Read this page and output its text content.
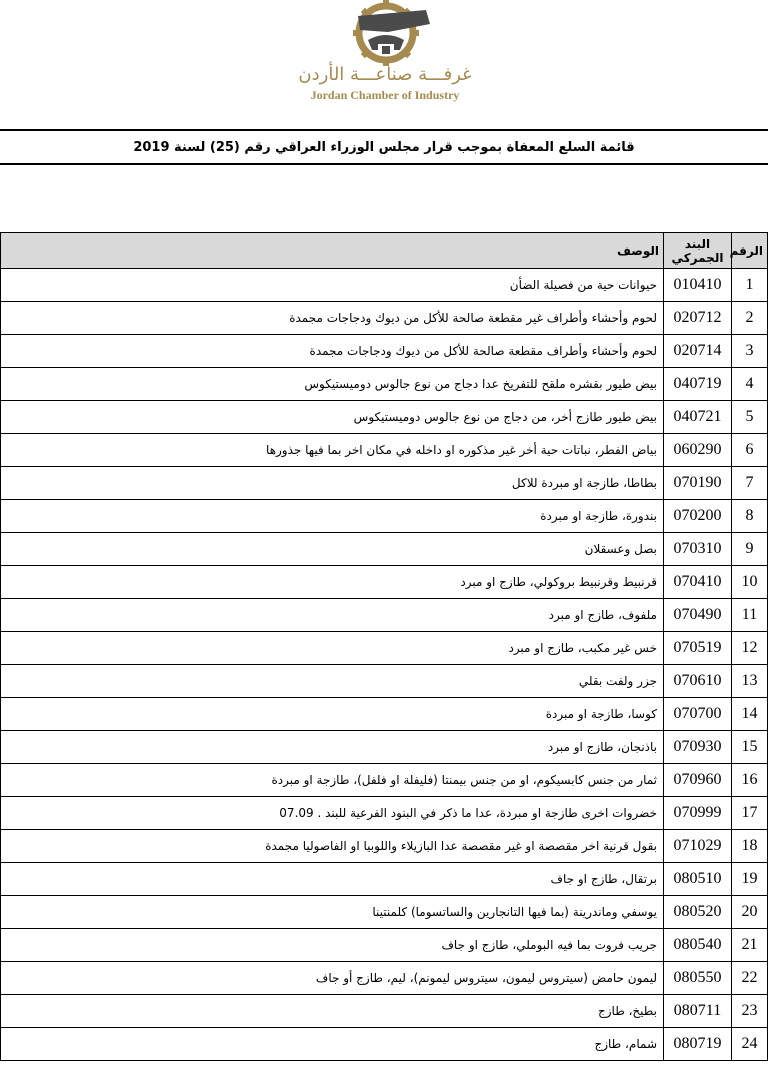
غرفـــة صناعـــة الأردن
Jordan Chamber of Industry
قائمة السلع المعفاة بموجب قرار مجلس الوزراء العراقي رقم (25) لسنة 2019
الرقم	البند الجمركي	الوصف
1	010410	حيوانات حية من فصيلة الضأن
2	020712	لحوم وأحشاء وأطراف غير مقطعة صالحة للأكل من ديوك ودجاجات مجمدة
3	020714	لحوم وأحشاء وأطراف مقطعة صالحة للأكل من ديوك ودجاجات مجمدة
4	040719	بيض طيور بقشره ملقح للتفريخ عدا دجاج من نوع جالوس دوميستيكوس
5	040721	بيض طيور طازج أخر، من دجاج من نوع جالوس دوميستيكوس
6	060290	بياض الفطر، نباتات حية أخر غير مذكوره او داخله في مكان اخر بما فيها جذورها
7	070190	بطاطا، طازجة او مبردة للاكل
8	070200	بندورة، طازجة او مبردة
9	070310	بصل وعسقلان
10	070410	قرنبيط وقرنبيط بروكولي، طازج او مبرد
11	070490	ملفوف، طازج او مبرد
12	070519	خس غير مكبب، طازج او مبرد
13	070610	جزر ولفت بقلي
14	070700	كوسا، طازجة او مبردة
15	070930	باذنجان، طازج او مبرد
16	070960	ثمار من جنس كابسيكوم، او من جنس بيمنتا (فليفلة او فلفل)، طازجة او مبردة
17	070999	خضروات اخرى طازجة او مبردة، عدا ما ذكر في البنود الفرعية للبند . 07.09
18	071029	بقول قرنية اخر مقصصة او غير مقصصة عدا البازيلاء واللوبيا او الفاصوليا مجمدة
19	080510	برتقال، طازج او جاف
20	080520	يوسفي وماندرينة (بما فيها التانجارين والساتسوما) كلمنتينا
21	080540	جريب فروت بما فيه البوملي، طازج او جاف
22	080550	ليمون حامض (سيتروس ليمون، سيتروس ليمونم)، ليم، طازج أو جاف
23	080711	بطيخ، طازج
24	080719	شمام، طازج
